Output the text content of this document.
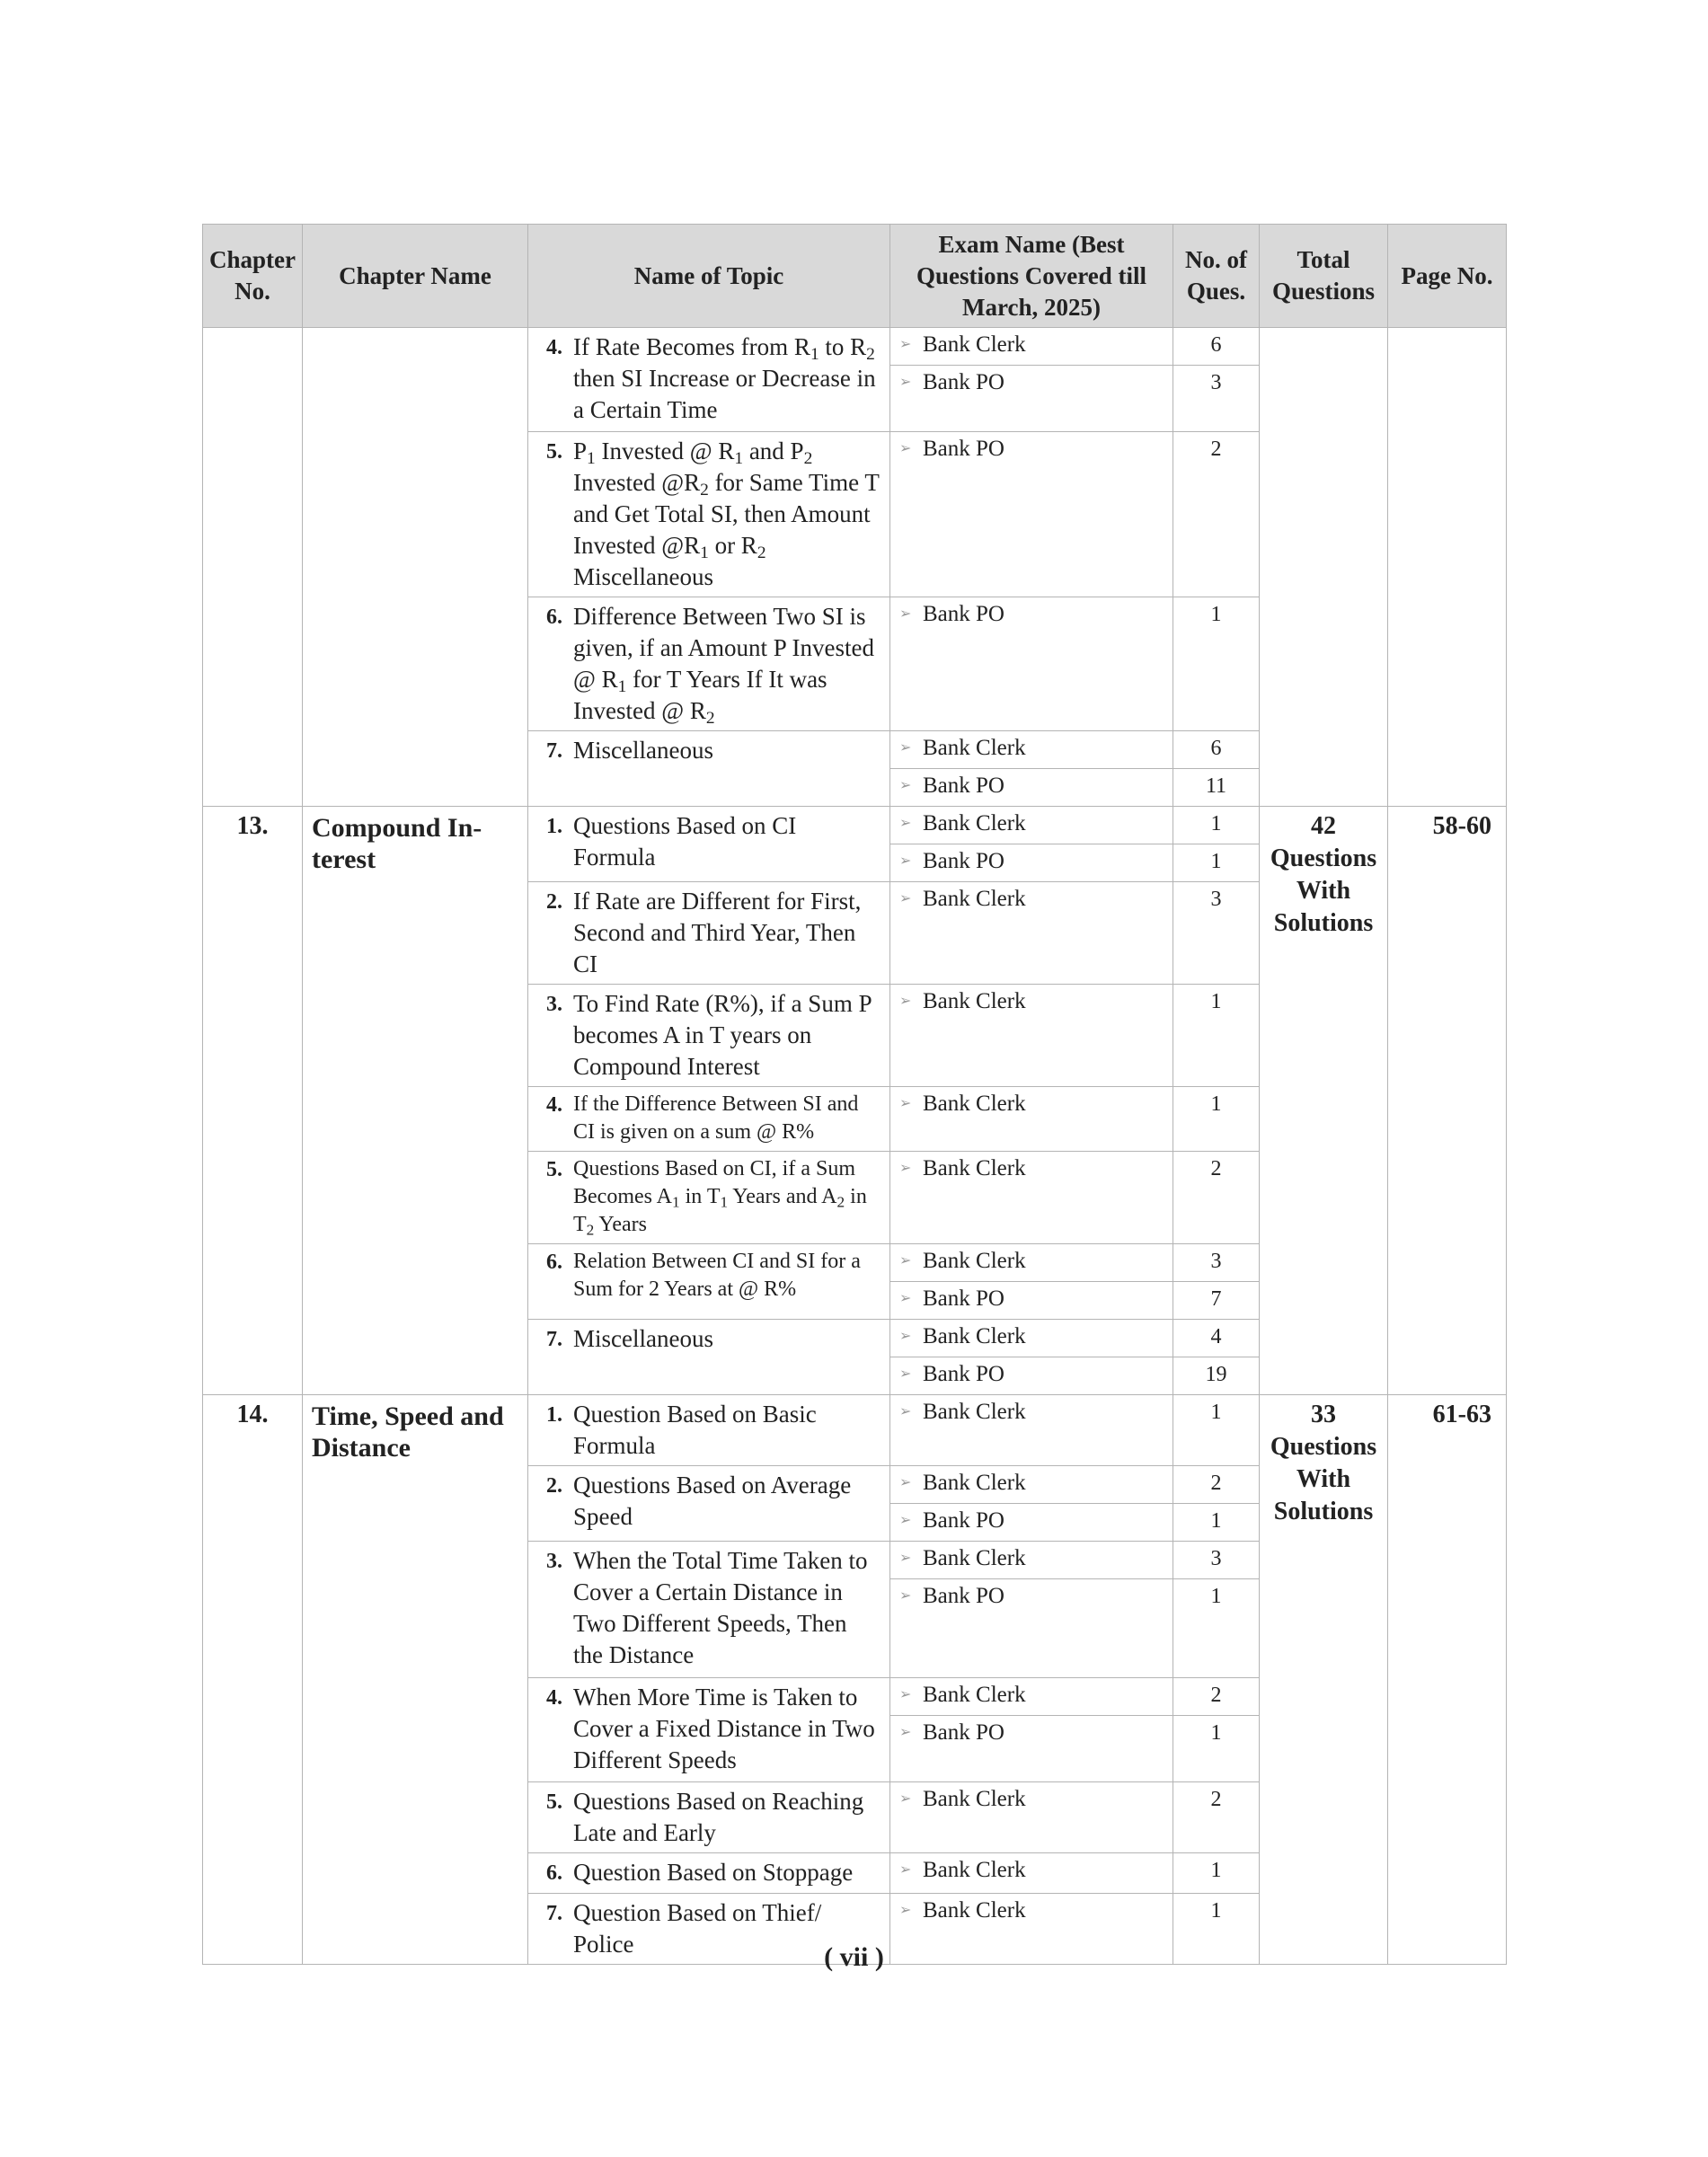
Chapter No.	Chapter Name	Name of Topic	Exam Name (Best Questions Covered till March, 2025)	No. of Ques.	Total Questions	Page No.

		4. If Rate Becomes from $R_1$ to $R_2$ then SI Increase or Decrease in a Certain Time	➢ Bank Clerk	6		
			➢ Bank PO	3		

		5. $P_1$ Invested @ $R_1$ and $P_2$ Invested $@R_2$ for Same Time T and Get Total SI, then Amount Invested $@R_1$ or $R_2$ Miscellaneous	➢ Bank PO	2		

		6. Difference Between Two SI is given, if an Amount P Invested @ $R_1$ for T Years If It was Invested @ $R_2$	➢ Bank PO	1		

		7. Miscellaneous	➢ Bank Clerk	6		
			➢ Bank PO	11		
13.	Compound In-terest	1. Questions Based on CI Formula	➢ Bank Clerk	1	42 Questions With Solutions	58-60
			➢ Bank PO	1		

		2. If Rate are Different for First, Second and Third Year, Then CI	➢ Bank Clerk	3		

		3. To Find Rate (R%), if a Sum P becomes A in T years on Compound Interest	➢ Bank Clerk	1		

		4. If the Difference Between SI and CI is given on a sum @ R%	➢ Bank Clerk	1		

		5. Questions Based on CI, if a Sum Becomes $A_1$ in $T_1$ Years and $A_2$ in $T_2$ Years	➢ Bank Clerk	2		

		6. Relation Between CI and SI for a Sum for 2 Years at @ R%	➢ Bank Clerk	3		
			➢ Bank PO	7		

		7. Miscellaneous	➢ Bank Clerk	4		
			➢ Bank PO	19		
14.	Time, Speed and Distance	1. Question Based on Basic Formula	➢ Bank Clerk	1	33 Questions With Solutions	61-63

		2. Questions Based on Average Speed	➢ Bank Clerk	2		
			➢ Bank PO	1		

		3. When the Total Time Taken to Cover a Certain Distance in Two Different Speeds, Then the Distance	➢ Bank Clerk	3		
			➢ Bank PO	1		

		4. When More Time is Taken to Cover a Fixed Distance in Two Different Speeds	➢ Bank Clerk	2		
			➢ Bank PO	1		

		5. Questions Based on Reaching Late and Early	➢ Bank Clerk	2		

		6. Question Based on Stoppage	➢ Bank Clerk	1		

		7. Question Based on Thief/ Police	➢ Bank Clerk	1		
( vii )
